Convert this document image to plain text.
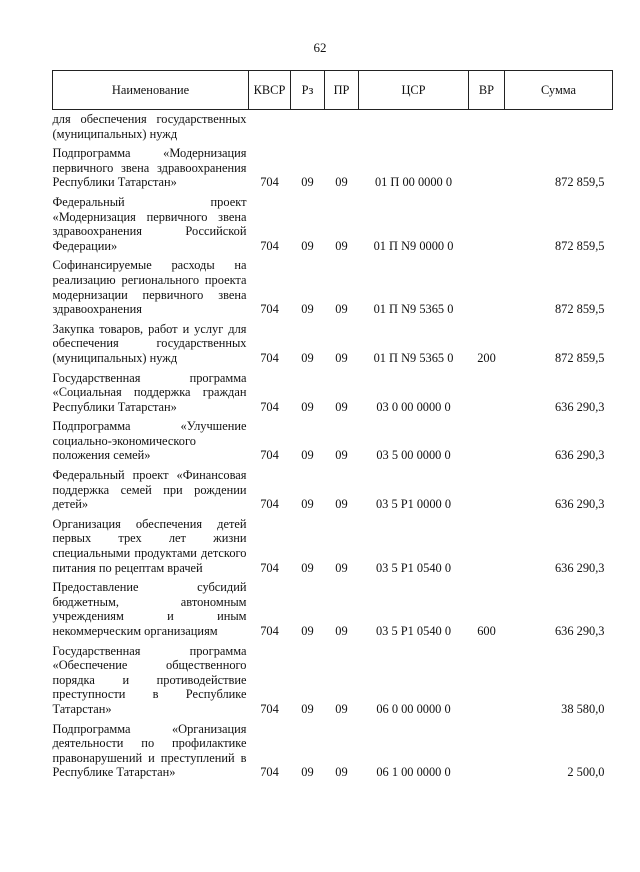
62
Наименование	КВСР	Рз	ПР	ЦСР	ВР	Сумма
для обеспечения государственных (муниципальных) нужд						
Подпрограмма «Модернизация первичного звена здравоохранения Республики Татарстан»	704	09	09	01 П 00 0000 0		872 859,5
Федеральный проект «Модернизация первичного звена здравоохранения Российской Федерации»	704	09	09	01 П N9 0000 0		872 859,5
Софинансируемые расходы на реализацию регионального проекта модернизации первичного звена здравоохранения	704	09	09	01 П N9 5365 0		872 859,5
Закупка товаров, работ и услуг для обеспечения государственных (муниципальных) нужд	704	09	09	01 П N9 5365 0	200	872 859,5
Государственная программа «Социальная поддержка граждан Республики Татарстан»	704	09	09	03 0 00 0000 0		636 290,3
Подпрограмма «Улучшение социально-экономического положения семей»	704	09	09	03 5 00 0000 0		636 290,3
Федеральный проект «Финансовая поддержка семей при рождении детей»	704	09	09	03 5 P1 0000 0		636 290,3
Организация обеспечения детей первых трех лет жизни специальными продуктами детского питания по рецептам врачей	704	09	09	03 5 P1 0540 0		636 290,3
Предоставление субсидий бюджетным, автономным учреждениям и иным некоммерческим организациям	704	09	09	03 5 P1 0540 0	600	636 290,3
Государственная программа «Обеспечение общественного порядка и противодействие преступности в Республике Татарстан»	704	09	09	06 0 00 0000 0		38 580,0
Подпрограмма «Организация деятельности по профилактике правонарушений и преступлений в Республике Татарстан»	704	09	09	06 1 00 0000 0		2 500,0
